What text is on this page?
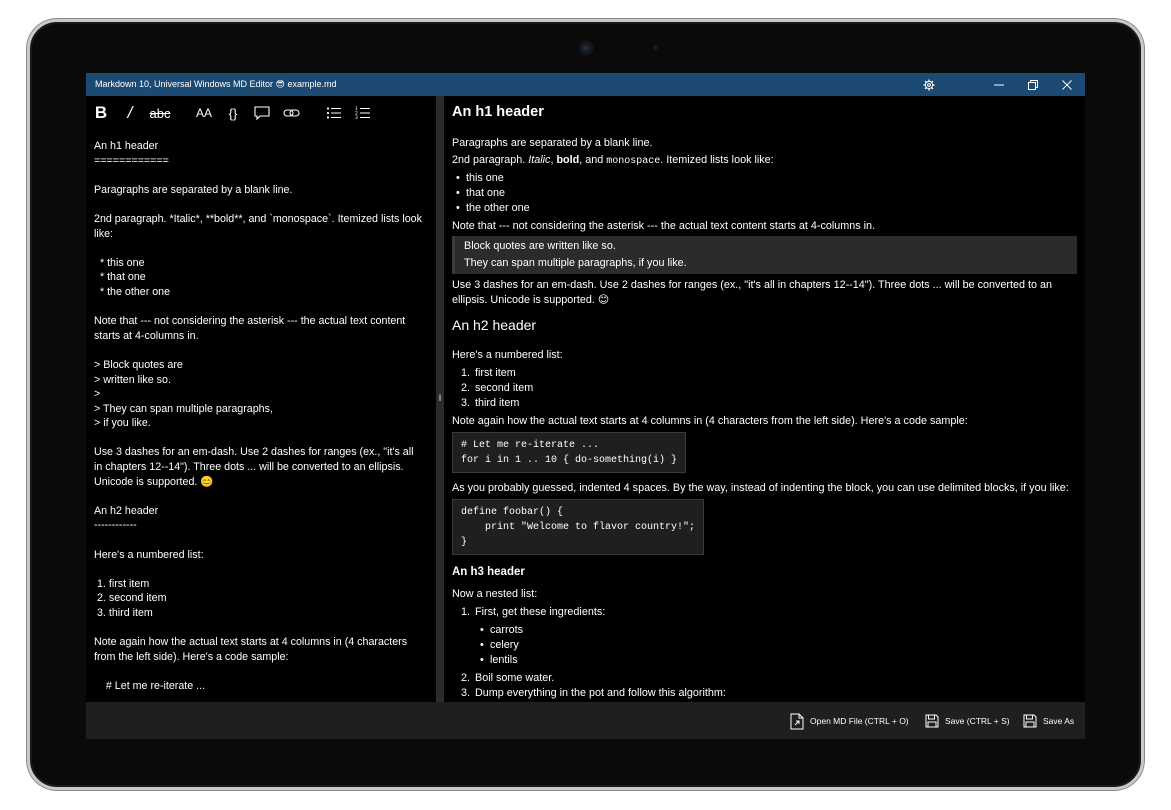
Markdown 10, Universal Windows MD Editor 😎 example.md
B / abc AA {}	1
2
3
An h1 header
============

Paragraphs are separated by a blank line.

2nd paragraph. *Italic*, **bold**, and `monospace`. Itemized lists look like:

* this one
* that one
* the other one

Note that --- not considering the asterisk --- the actual text content starts at 4-columns in.

> Block quotes are
> written like so.
>
> They can span multiple paragraphs,
> if you like.

Use 3 dashes for an em-dash. Use 2 dashes for ranges (ex., "it's all in chapters 12--14"). Three dots ... will be converted to an ellipsis. Unicode is supported. 😊

An h2 header
------------

Here's a numbered list:

1. first item
2. second item
3. third item

Note again how the actual text starts at 4 columns in (4 characters from the left side). Here's a code sample:

# Let me re-iterate ...
‖
An h1 header
Paragraphs are separated by a blank line.
2nd paragraph. Italic, bold, and monospace. Itemized lists look like:
• this one
• that one
• the other one
Note that --- not considering the asterisk --- the actual text content starts at 4-columns in.
Block quotes are written like so.
They can span multiple paragraphs, if you like.
Use 3 dashes for an em-dash. Use 2 dashes for ranges (ex., "it's all in chapters 12--14"). Three dots ... will be converted to an ellipsis. Unicode is supported. 😊
An h2 header
Here's a numbered list:
1. first item
2. second item
3. third item
Note again how the actual text starts at 4 columns in (4 characters from the left side). Here's a code sample:
# Let me re-iterate ...
for i in 1 .. 10 { do-something(i) }
As you probably guessed, indented 4 spaces. By the way, instead of indenting the block, you can use delimited blocks, if you like:
define foobar() {
print "Welcome to flavor country!";
}
An h3 header
Now a nested list:
1. First, get these ingredients:
• carrots
• celery
• lentils
2. Boil some water.
3. Dump everything in the pot and follow this algorithm:
Open MD File (CTRL + O)	Save (CTRL + S)	Save As
